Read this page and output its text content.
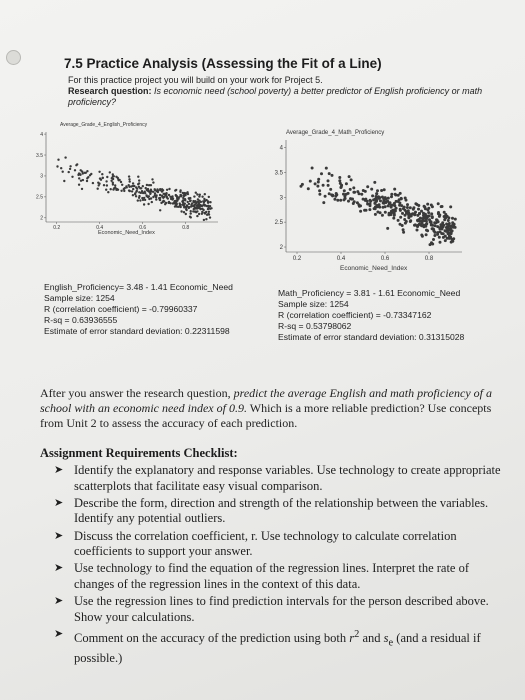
7.5 Practice Analysis (Assessing the Fit of a Line)
For this practice project you will build on your work for Project 5.
Research question: Is economic need (school poverty) a better predictor of English proficiency or math proficiency?
2
2.5
3
3.5
4
0.2	0.4	0.6	0.8
Average_Grade_4_English_Proficiency
Economic_Need_Index
2
2.5
3
3.5
4
0.2	0.4	0.6	0.8
Average_Grade_4_Math_Proficiency
Economic_Need_Index
English_Proficiency= 3.48 - 1.41 Economic_Need
Sample size: 1254
R (correlation coefficient) = -0.79960337
R-sq = 0.63936555
Estimate of error standard deviation: 0.22311598
Math_Proficiency = 3.81 - 1.61 Economic_Need
Sample size: 1254
R (correlation coefficient) = -0.73347162
R-sq = 0.53798062
Estimate of error standard deviation: 0.31315028
After you answer the research question, predict the average English and math proficiency of a school with an economic need index of 0.9. Which is a more reliable prediction? Use concepts from Unit 2 to assess the accuracy of each prediction.
Assignment Requirements Checklist:
➤ Identify the explanatory and response variables. Use technology to create appropriate scatterplots that facilitate easy visual comparison.
➤ Describe the form, direction and strength of the relationship between the variables. Identify any potential outliers.
➤ Discuss the correlation coefficient, r. Use technology to calculate correlation coefficients to support your answer.
➤ Use technology to find the equation of the regression lines. Interpret the rate of changes of the regression lines in the context of this data.
➤ Use the regression lines to find prediction intervals for the person described above. Show your calculations.
➤ Comment on the accuracy of the prediction using both $r^2$ and $s_e$ (and a residual if possible.)
